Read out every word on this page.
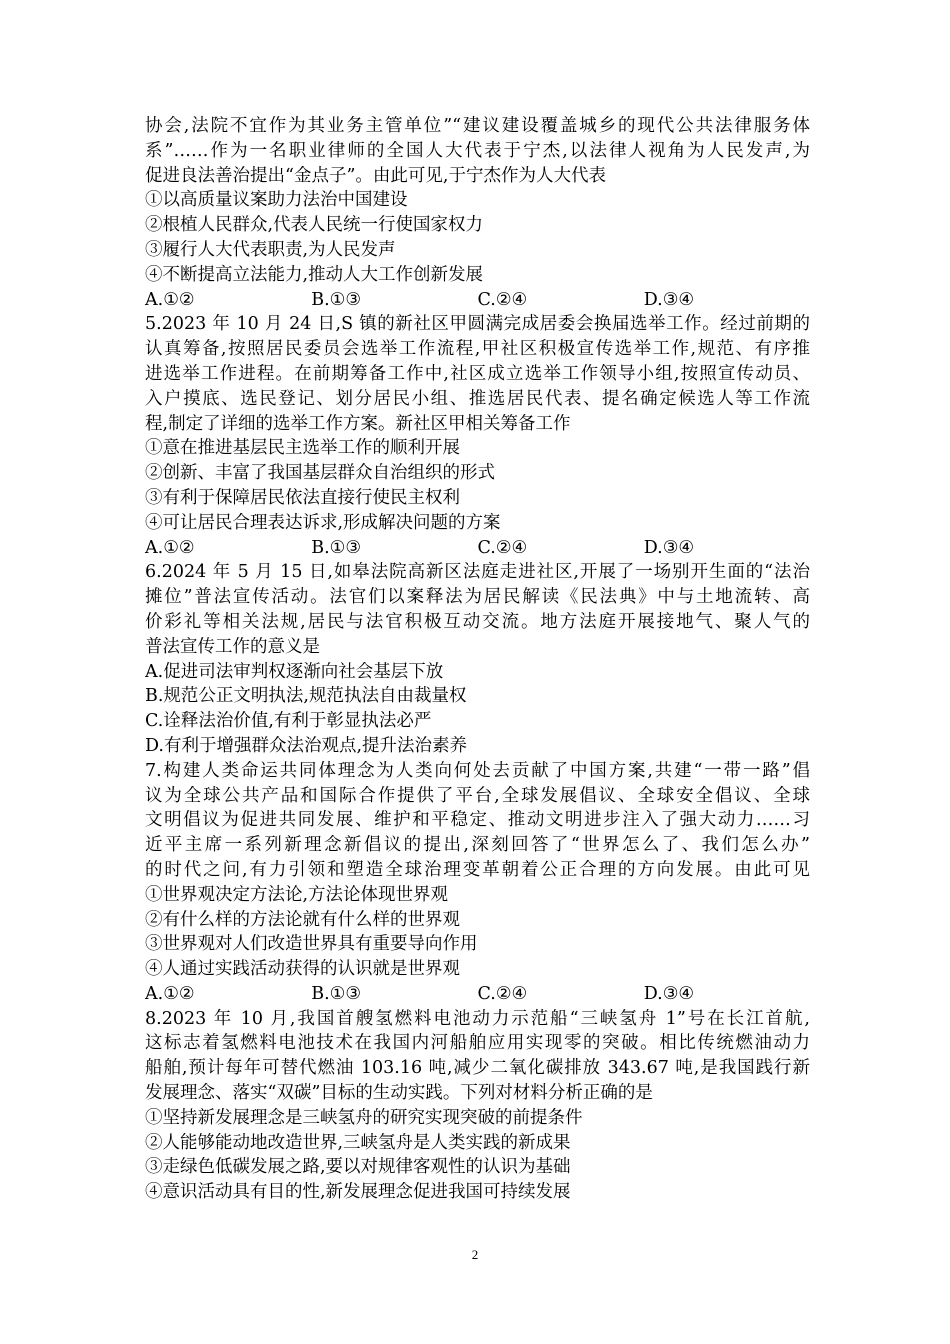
协会,法院不宜作为其业务主管单位”“建议建设覆盖城乡的现代公共法律服务体
系”……作为一名职业律师的全国人大代表于宁杰,以法律人视角为人民发声,为
促进良法善治提出“金点子”。由此可见,于宁杰作为人大代表
①以高质量议案助力法治中国建设
②根植人民群众,代表人民统一行使国家权力
③履行人大代表职责,为人民发声
④不断提高立法能力,推动人大工作创新发展
A.①②	B.①③	C.②④	D.③④
5.2023 年 10 月 24 日,S 镇的新社区甲圆满完成居委会换届选举工作。经过前期的
认真筹备,按照居民委员会选举工作流程,甲社区积极宣传选举工作,规范、有序推
进选举工作进程。在前期筹备工作中,社区成立选举工作领导小组,按照宣传动员、
入户摸底、选民登记、划分居民小组、推选居民代表、提名确定候选人等工作流
程,制定了详细的选举工作方案。新社区甲相关筹备工作
①意在推进基层民主选举工作的顺利开展
②创新、丰富了我国基层群众自治组织的形式
③有利于保障居民依法直接行使民主权利
④可让居民合理表达诉求,形成解决问题的方案
A.①②	B.①③	C.②④	D.③④
6.2024 年 5 月 15 日,如皋法院高新区法庭走进社区,开展了一场别开生面的“法治
摊位”普法宣传活动。法官们以案释法为居民解读《民法典》中与土地流转、高
价彩礼等相关法规,居民与法官积极互动交流。地方法庭开展接地气、聚人气的
普法宣传工作的意义是
A.促进司法审判权逐渐向社会基层下放
B.规范公正文明执法,规范执法自由裁量权
C.诠释法治价值,有利于彰显执法必严
D.有利于增强群众法治观点,提升法治素养
7.构建人类命运共同体理念为人类向何处去贡献了中国方案,共建“一带一路”倡
议为全球公共产品和国际合作提供了平台,全球发展倡议、全球安全倡议、全球
文明倡议为促进共同发展、维护和平稳定、推动文明进步注入了强大动力……习
近平主席一系列新理念新倡议的提出,深刻回答了“世界怎么了、我们怎么办”
的时代之问,有力引领和塑造全球治理变革朝着公正合理的方向发展。由此可见
①世界观决定方法论,方法论体现世界观
②有什么样的方法论就有什么样的世界观
③世界观对人们改造世界具有重要导向作用
④人通过实践活动获得的认识就是世界观
A.①②	B.①③	C.②④	D.③④
8.2023 年 10 月,我国首艘氢燃料电池动力示范船“三峡氢舟 1”号在长江首航,
这标志着氢燃料电池技术在我国内河船舶应用实现零的突破。相比传统燃油动力
船舶,预计每年可替代燃油 103.16 吨,减少二氧化碳排放 343.67 吨,是我国践行新
发展理念、落实“双碳”目标的生动实践。下列对材料分析正确的是
①坚持新发展理念是三峡氢舟的研究实现突破的前提条件
②人能够能动地改造世界,三峡氢舟是人类实践的新成果
③走绿色低碳发展之路,要以对规律客观性的认识为基础
④意识活动具有目的性,新发展理念促进我国可持续发展
2
